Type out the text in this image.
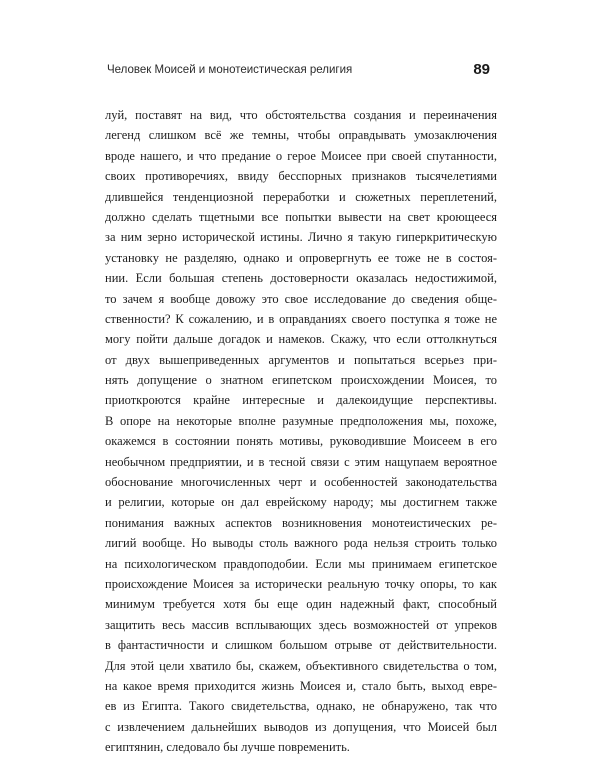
Человек Моисей и монотеистическая религия	89
луй, поставят на вид, что обстоятельства создания и переиначения
легенд слишком всё же темны, чтобы оправдывать умозаключения
вроде нашего, и что предание о герое Моисее при своей спутанности,
своих противоречиях, ввиду бесспорных признаков тысячелетиями
длившейся тенденциозной переработки и сюжетных переплетений,
должно сделать тщетными все попытки вывести на свет кроющееся
за ним зерно исторической истины. Лично я такую гиперкритическую
установку не разделяю, однако и опровергнуть ее тоже не в состоя-
нии. Если большая степень достоверности оказалась недостижимой,
то зачем я вообще довожу это свое исследование до сведения обще-
ственности? К сожалению, и в оправданиях своего поступка я тоже не
могу пойти дальше догадок и намеков. Скажу, что если оттолкнуться
от двух вышеприведенных аргументов и попытаться всерьез при-
нять допущение о знатном египетском происхождении Моисея, то
приоткроются крайне интересные и далекоидущие перспективы.
В опоре на некоторые вполне разумные предположения мы, похоже,
окажемся в состоянии понять мотивы, руководившие Моисеем в его
необычном предприятии, и в тесной связи с этим нащупаем вероятное
обоснование многочисленных черт и особенностей законодательства
и религии, которые он дал еврейскому народу; мы достигнем также
понимания важных аспектов возникновения монотеистических ре-
лигий вообще. Но выводы столь важного рода нельзя строить только
на психологическом правдоподобии. Если мы принимаем египетское
происхождение Моисея за исторически реальную точку опоры, то как
минимум требуется хотя бы еще один надежный факт, способный
защитить весь массив всплывающих здесь возможностей от упреков
в фантастичности и слишком большом отрыве от действительности.
Для этой цели хватило бы, скажем, объективного свидетельства о том,
на какое время приходится жизнь Моисея и, стало быть, выход евре-
ев из Египта. Такого свидетельства, однако, не обнаружено, так что
с извлечением дальнейших выводов из допущения, что Моисей был
египтянин, следовало бы лучше повременить.
